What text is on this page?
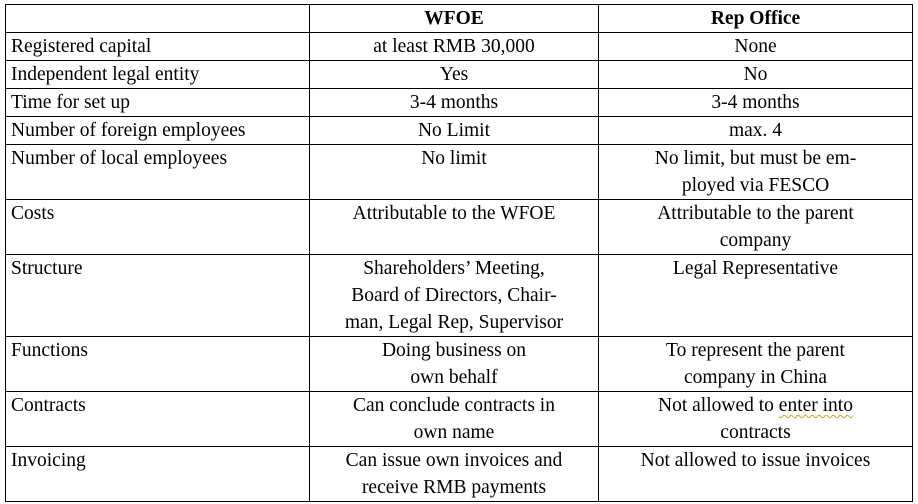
	WFOE	Rep Office
Registered capital	at least RMB 30,000	None

Independent legal entity	Yes	No

Time for set up	3-4 months	3-4 months

Number of foreign employees	No Limit	max. 4

Number of local employees	No limit	No limit, but must be em-
ployed via FESCO

Costs	Attributable to the WFOE	Attributable to the parent
company

Structure	Shareholders’ Meeting,
Board of Directors, Chair-
man, Legal Rep, Supervisor	Legal Representative

Functions	Doing business on
own behalf	To represent the parent
company in China

Contracts	Can conclude contracts in
own name	Not allowed to enter into
contracts

Invoicing	Can issue own invoices and
receive RMB payments	Not allowed to issue invoices
